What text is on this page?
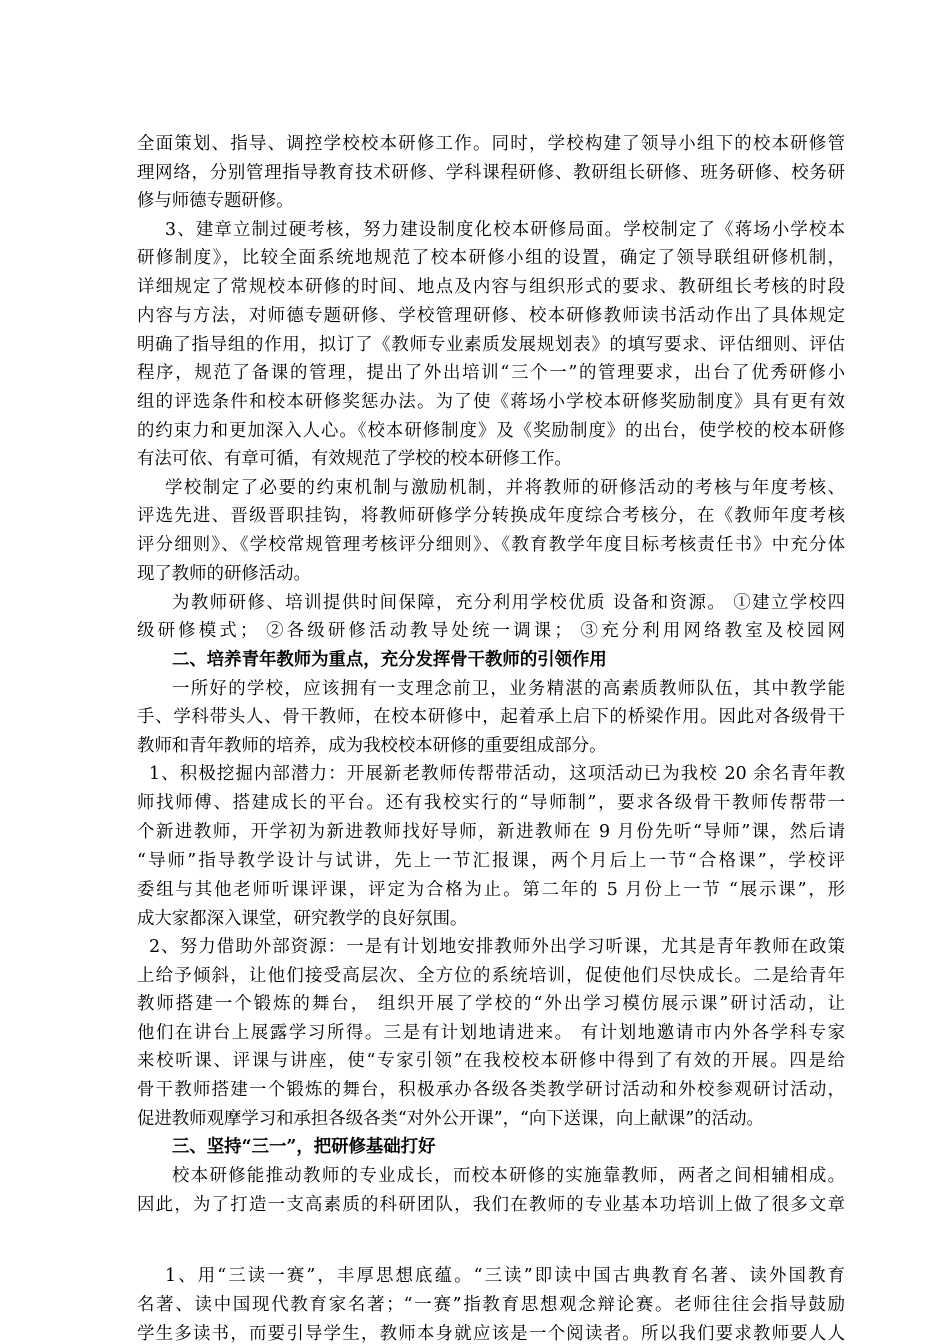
全面策划、指导、调控学校校本研修工作。同时，学校构建了领导小组下的校本研修管
理网络，分别管理指导教育技术研修、学科课程研修、教研组长研修、班务研修、校务研
修与师德专题研修。
3、建章立制过硬考核，努力建设制度化校本研修局面。学校制定了《蒋场小学校本
研修制度》，比较全面系统地规范了校本研修小组的设置，确定了领导联组研修机制，
详细规定了常规校本研修的时间、地点及内容与组织形式的要求、教研组长考核的时段
内容与方法，对师德专题研修、学校管理研修、校本研修教师读书活动作出了具体规定
明确了指导组的作用，拟订了《教师专业素质发展规划表》的填写要求、评估细则、评估
程序，规范了备课的管理，提出了外出培训“三个一”的管理要求，出台了优秀研修小
组的评选条件和校本研修奖惩办法。为了使《蒋场小学校本研修奖励制度》具有更有效
的约束力和更加深入人心。《校本研修制度》及《奖励制度》的出台，使学校的校本研修
有法可依、有章可循，有效规范了学校的校本研修工作。
学校制定了必要的约束机制与激励机制，并将教师的研修活动的考核与年度考核、
评选先进、晋级晋职挂钩，将教师研修学分转换成年度综合考核分，在《教师年度考核
评分细则》、《学校常规管理考核评分细则》、《教育教学年度目标考核责任书》中充分体
现了教师的研修活动。
为教师研修、培训提供时间保障，充分利用学校优质 设备和资源。 ①建立学校四
级研修模式； ②各级研修活动教导处统一调课； ③充分利用网络教室及校园网
二、培养青年教师为重点，充分发挥骨干教师的引领作用
一所好的学校，应该拥有一支理念前卫，业务精湛的高素质教师队伍，其中教学能
手、学科带头人、骨干教师，在校本研修中，起着承上启下的桥梁作用。因此对各级骨干
教师和青年教师的培养，成为我校校本研修的重要组成部分。
1、积极挖掘内部潜力：开展新老教师传帮带活动，这项活动已为我校 20 余名青年教
师找师傅、搭建成长的平台。还有我校实行的“导师制”，要求各级骨干教师传帮带一
个新进教师，开学初为新进教师找好导师，新进教师在 9 月份先听“导师”课，然后请
“导师”指导教学设计与试讲，先上一节汇报课，两个月后上一节“合格课”，学校评
委组与其他老师听课评课，评定为合格为止。第二年的 5 月份上一节 “展示课”，形
成大家都深入课堂，研究教学的良好氛围。
2、努力借助外部资源：一是有计划地安排教师外出学习听课，尤其是青年教师在政策
上给予倾斜，让他们接受高层次、全方位的系统培训，促使他们尽快成长。二是给青年
教师搭建一个锻炼的舞台， 组织开展了学校的“外出学习模仿展示课”研讨活动，让
他们在讲台上展露学习所得。三是有计划地请进来。 有计划地邀请市内外各学科专家
来校听课、评课与讲座，使“专家引领”在我校校本研修中得到了有效的开展。四是给
骨干教师搭建一个锻炼的舞台，积极承办各级各类教学研讨活动和外校参观研讨活动，
促进教师观摩学习和承担各级各类“对外公开课”，“向下送课，向上献课”的活动。
三、坚持“三一”，把研修基础打好
校本研修能推动教师的专业成长，而校本研修的实施靠教师，两者之间相辅相成。
因此，为了打造一支高素质的科研团队，我们在教师的专业基本功培训上做了很多文章
1、用“三读一赛”，丰厚思想底蕴。“三读”即读中国古典教育名著、读外国教育
名著、读中国现代教育家名著；“一赛”指教育思想观念辩论赛。老师往往会指导鼓励
学生多读书，而要引导学生，教师本身就应该是一个阅读者。所以我们要求教师要人人
